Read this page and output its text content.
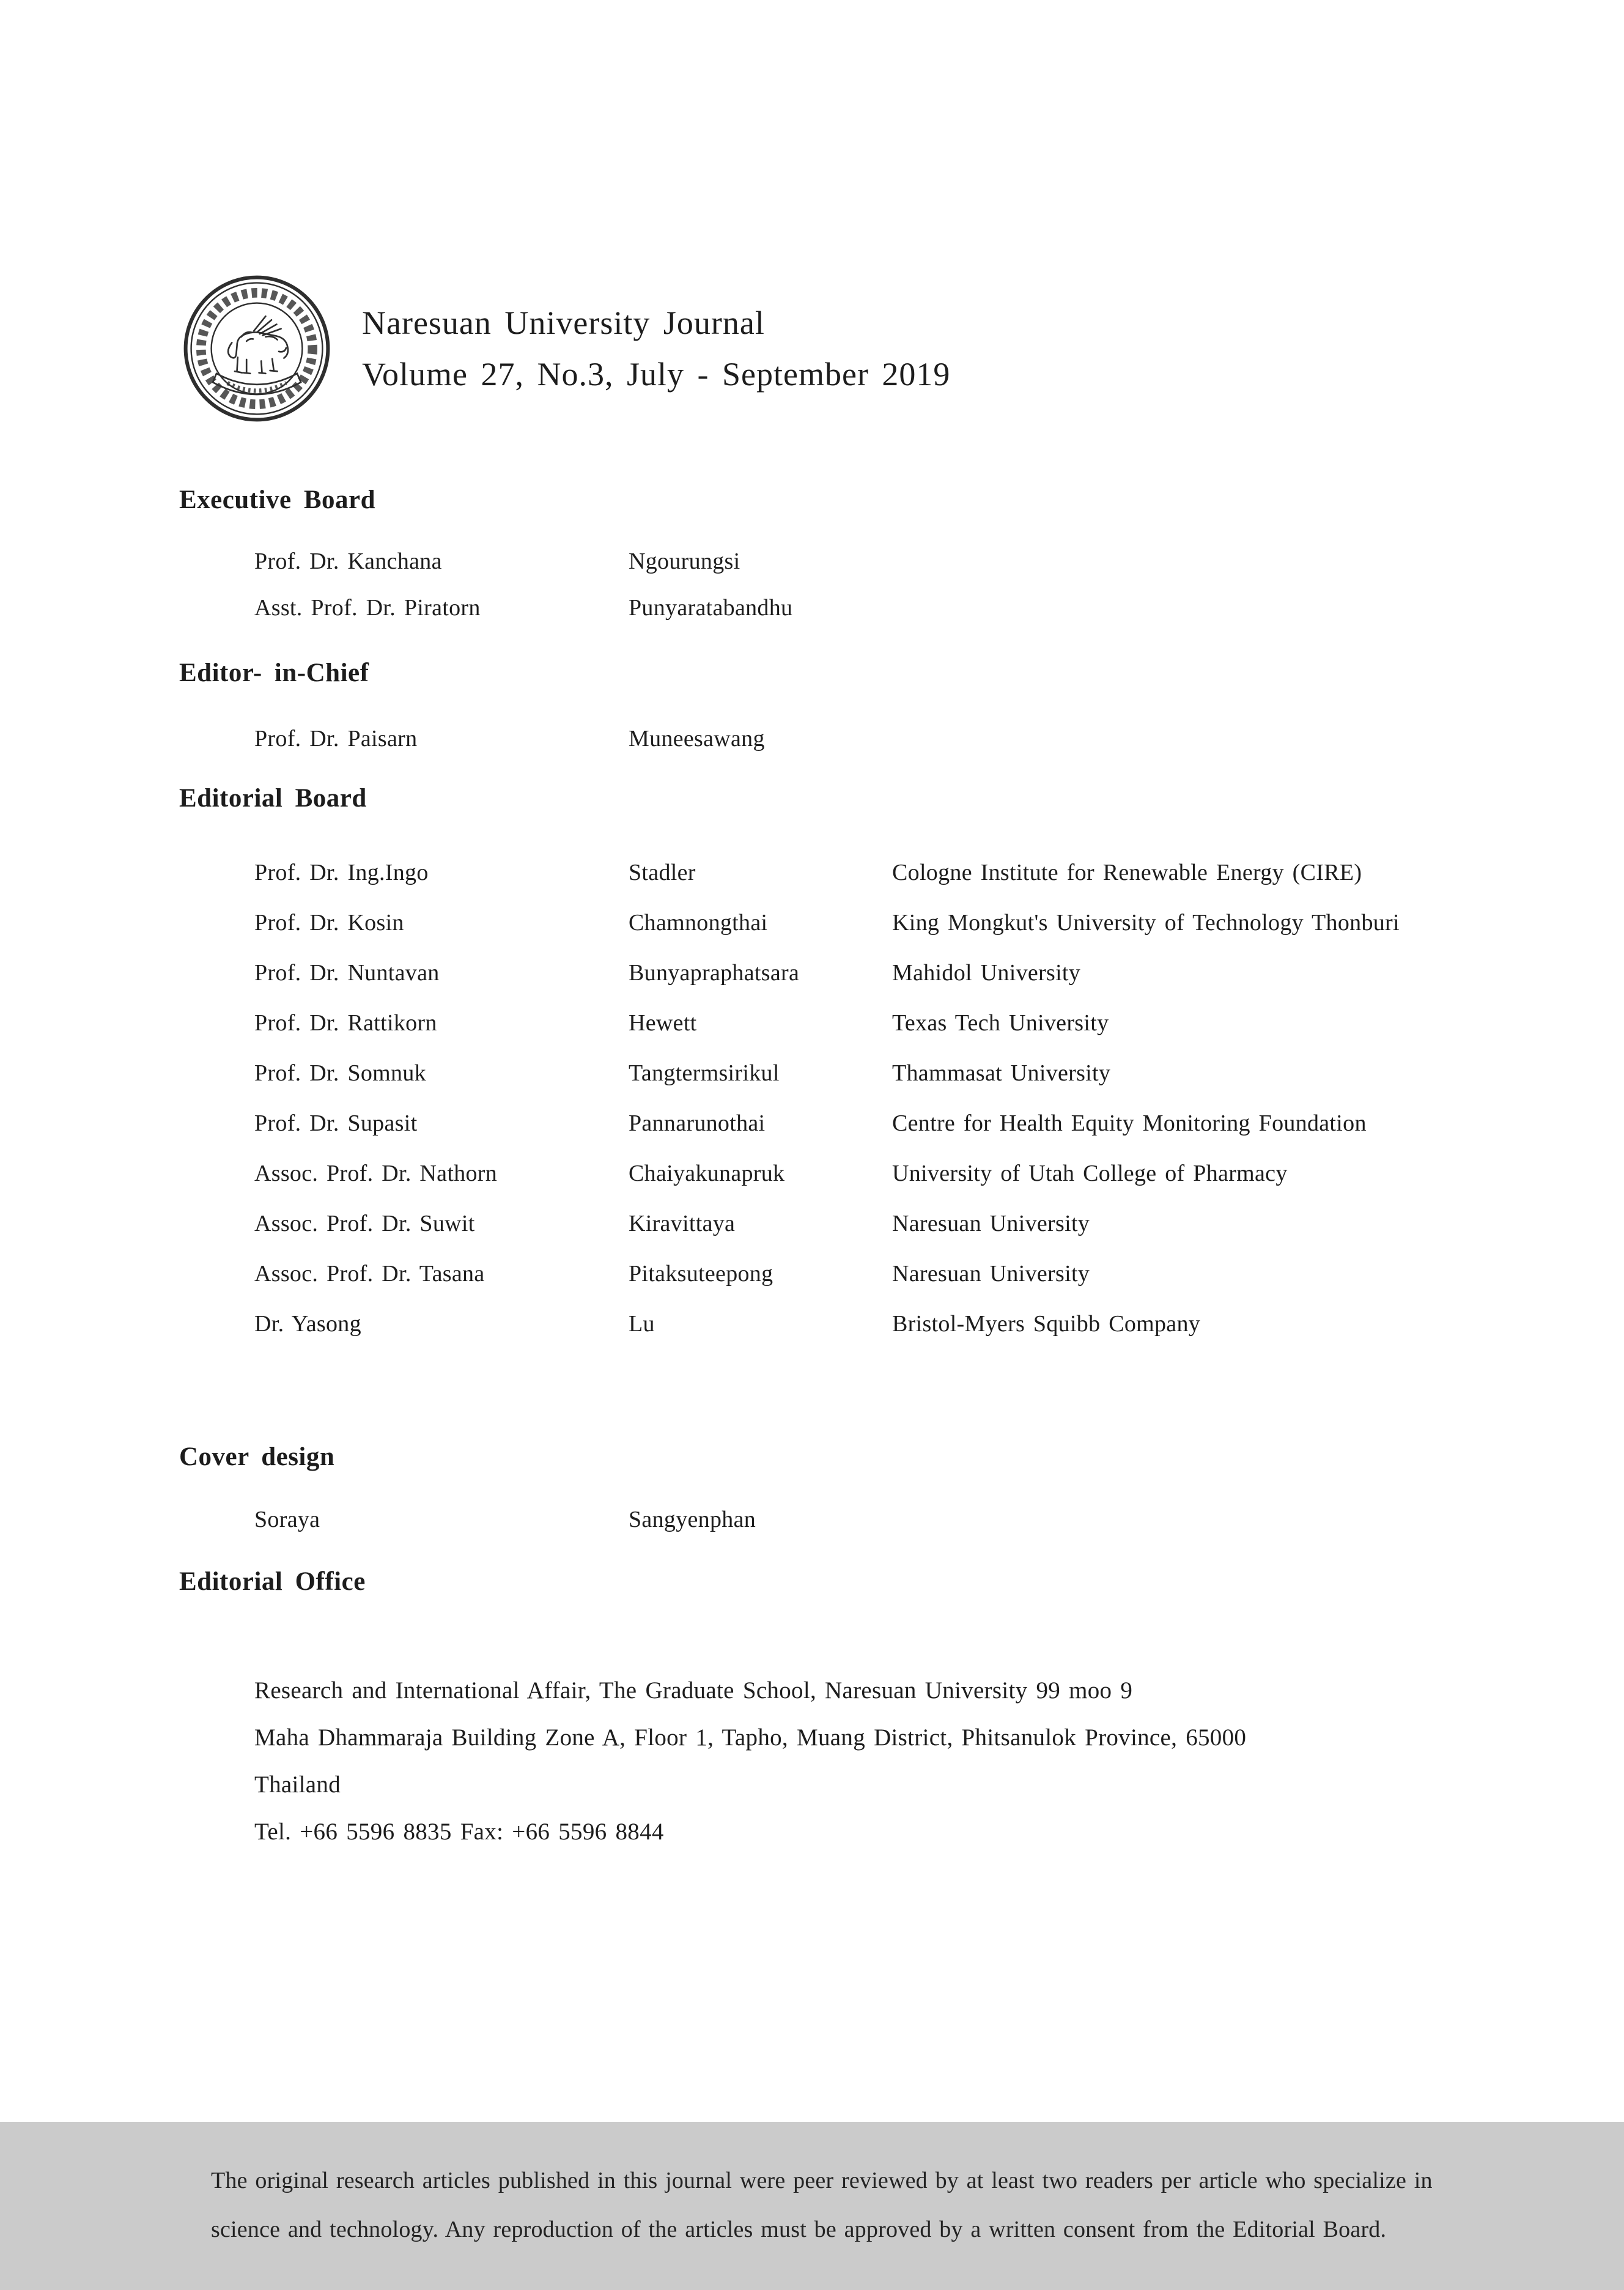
Naresuan University Journal
Volume 27, No.3, July - September 2019
Executive Board
Prof. Dr. Kanchana	Ngourungsi
Asst. Prof. Dr. Piratorn	Punyaratabandhu
Editor- in-Chief
Prof. Dr. Paisarn	Muneesawang
Editorial Board
Prof. Dr. Ing.Ingo	Stadler	Cologne Institute for Renewable Energy (CIRE)
Prof. Dr. Kosin	Chamnongthai	King Mongkut's University of Technology Thonburi
Prof. Dr. Nuntavan	Bunyapraphatsara	Mahidol University
Prof. Dr. Rattikorn	Hewett	Texas Tech University
Prof. Dr. Somnuk	Tangtermsirikul	Thammasat University
Prof. Dr. Supasit	Pannarunothai	Centre for Health Equity Monitoring Foundation
Assoc. Prof. Dr. Nathorn	Chaiyakunapruk	University of Utah College of Pharmacy
Assoc. Prof. Dr. Suwit	Kiravittaya	Naresuan University
Assoc. Prof. Dr. Tasana	Pitaksuteepong	Naresuan University
Dr. Yasong	Lu	Bristol-Myers Squibb Company
Cover design
Soraya	Sangyenphan
Editorial Office
Research and International Affair, The Graduate School, Naresuan University 99 moo 9
Maha Dhammaraja Building Zone A, Floor 1, Tapho, Muang District, Phitsanulok Province, 65000
Thailand
Tel. +66 5596 8835 Fax: +66 5596 8844
The original research articles published in this journal were peer reviewed by at least two readers per article who specialize in
science and technology. Any reproduction of the articles must be approved by a written consent from the Editorial Board.
